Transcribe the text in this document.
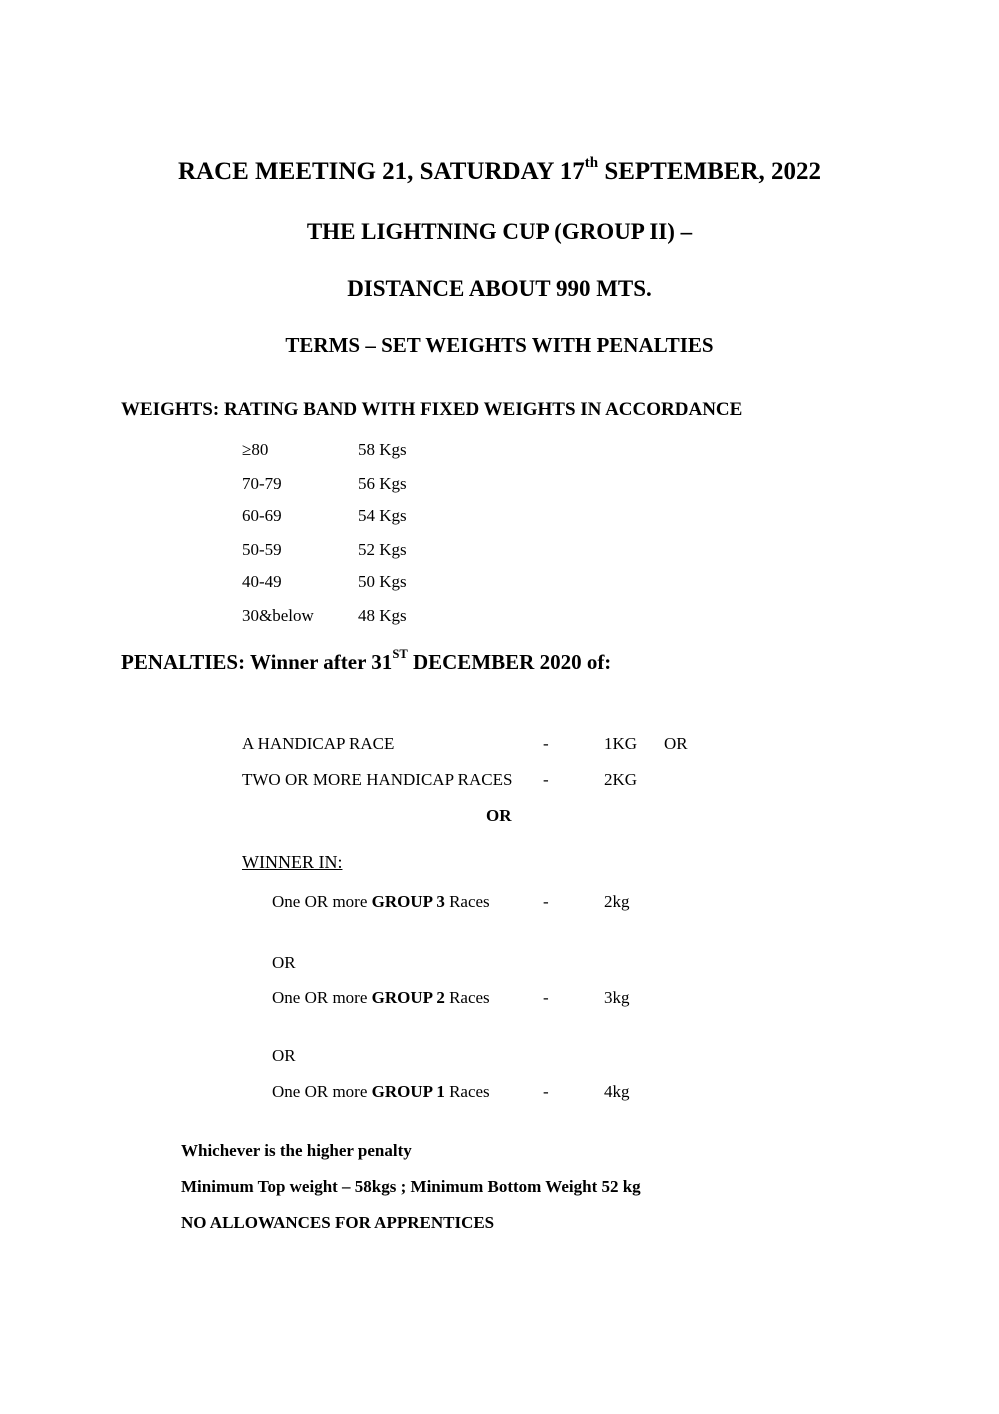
RACE MEETING 21, SATURDAY 17th SEPTEMBER, 2022
THE LIGHTNING CUP (GROUP II) –
DISTANCE ABOUT 990 MTS.
TERMS – SET WEIGHTS WITH PENALTIES
WEIGHTS: RATING BAND WITH FIXED WEIGHTS IN ACCORDANCE
≥80	58 Kgs
70-79	56 Kgs
60-69	54 Kgs
50-59	52 Kgs
40-49	50 Kgs
30&below	48 Kgs
PENALTIES: Winner after 31ST DECEMBER 2020 of:
A HANDICAP RACE	-	1KG OR
TWO OR MORE HANDICAP RACES -	2KG
OR
WINNER IN:
One OR more GROUP 3 Races	-	2kg
OR
One OR more GROUP 2 Races	-	3kg
OR
One OR more GROUP 1 Races	-	4kg
Whichever is the higher penalty
Minimum Top weight – 58kgs ; Minimum Bottom Weight 52 kg
NO ALLOWANCES FOR APPRENTICES
